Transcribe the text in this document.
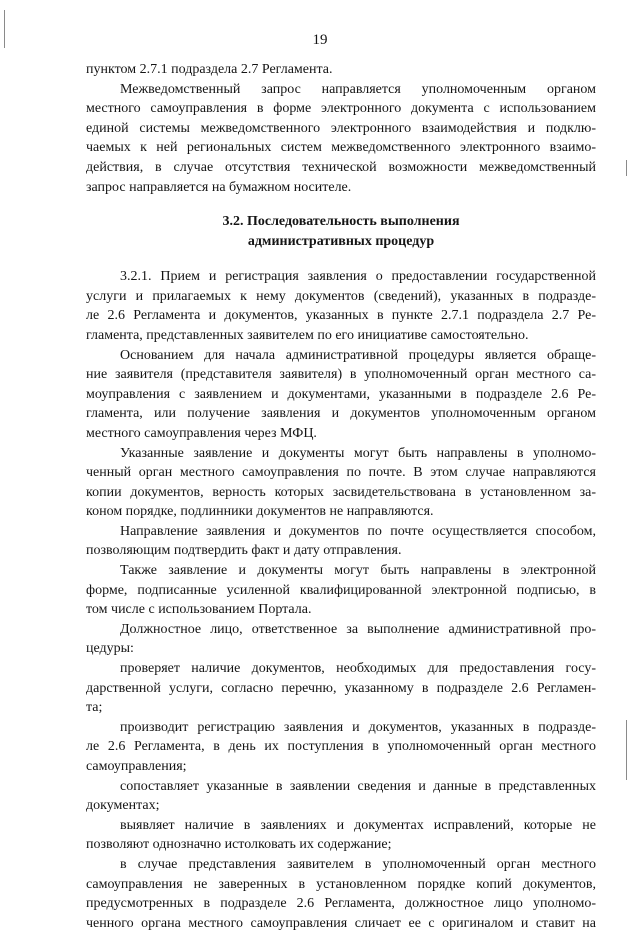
19
пунктом 2.7.1 подраздела 2.7 Регламента.
Межведомственный запрос направляется уполномоченным органом
местного самоуправления в форме электронного документа с использованием
единой системы межведомственного электронного взаимодействия и подклю-
чаемых к ней региональных систем межведомственного электронного взаимо-
действия, в случае отсутствия технической возможности межведомственный
запрос направляется на бумажном носителе.
3.2. Последовательность выполнения
административных процедур
3.2.1. Прием и регистрация заявления о предоставлении государственной
услуги и прилагаемых к нему документов (сведений), указанных в подразде-
ле 2.6 Регламента и документов, указанных в пункте 2.7.1 подраздела 2.7 Ре-
гламента, представленных заявителем по его инициативе самостоятельно.
Основанием для начала административной процедуры является обраще-
ние заявителя (представителя заявителя) в уполномоченный орган местного са-
моуправления с заявлением и документами, указанными в подразделе 2.6 Ре-
гламента, или получение заявления и документов уполномоченным органом
местного самоуправления через МФЦ.
Указанные заявление и документы могут быть направлены в уполномо-
ченный орган местного самоуправления по почте. В этом случае направляются
копии документов, верность которых засвидетельствована в установленном за-
коном порядке, подлинники документов не направляются.
Направление заявления и документов по почте осуществляется способом,
позволяющим подтвердить факт и дату отправления.
Также заявление и документы могут быть направлены в электронной
форме, подписанные усиленной квалифицированной электронной подписью, в
том числе с использованием Портала.
Должностное лицо, ответственное за выполнение административной про-
цедуры:
проверяет наличие документов, необходимых для предоставления госу-
дарственной услуги, согласно перечню, указанному в подразделе 2.6 Регламен-
та;
производит регистрацию заявления и документов, указанных в подразде-
ле 2.6 Регламента, в день их поступления в уполномоченный орган местного
самоуправления;
сопоставляет указанные в заявлении сведения и данные в представленных
документах;
выявляет наличие в заявлениях и документах исправлений, которые не
позволяют однозначно истолковать их содержание;
в случае представления заявителем в уполномоченный орган местного
самоуправления не заверенных в установленном порядке копий документов,
предусмотренных в подразделе 2.6 Регламента, должностное лицо уполномо-
ченного органа местного самоуправления сличает ее с оригиналом и ставит на
